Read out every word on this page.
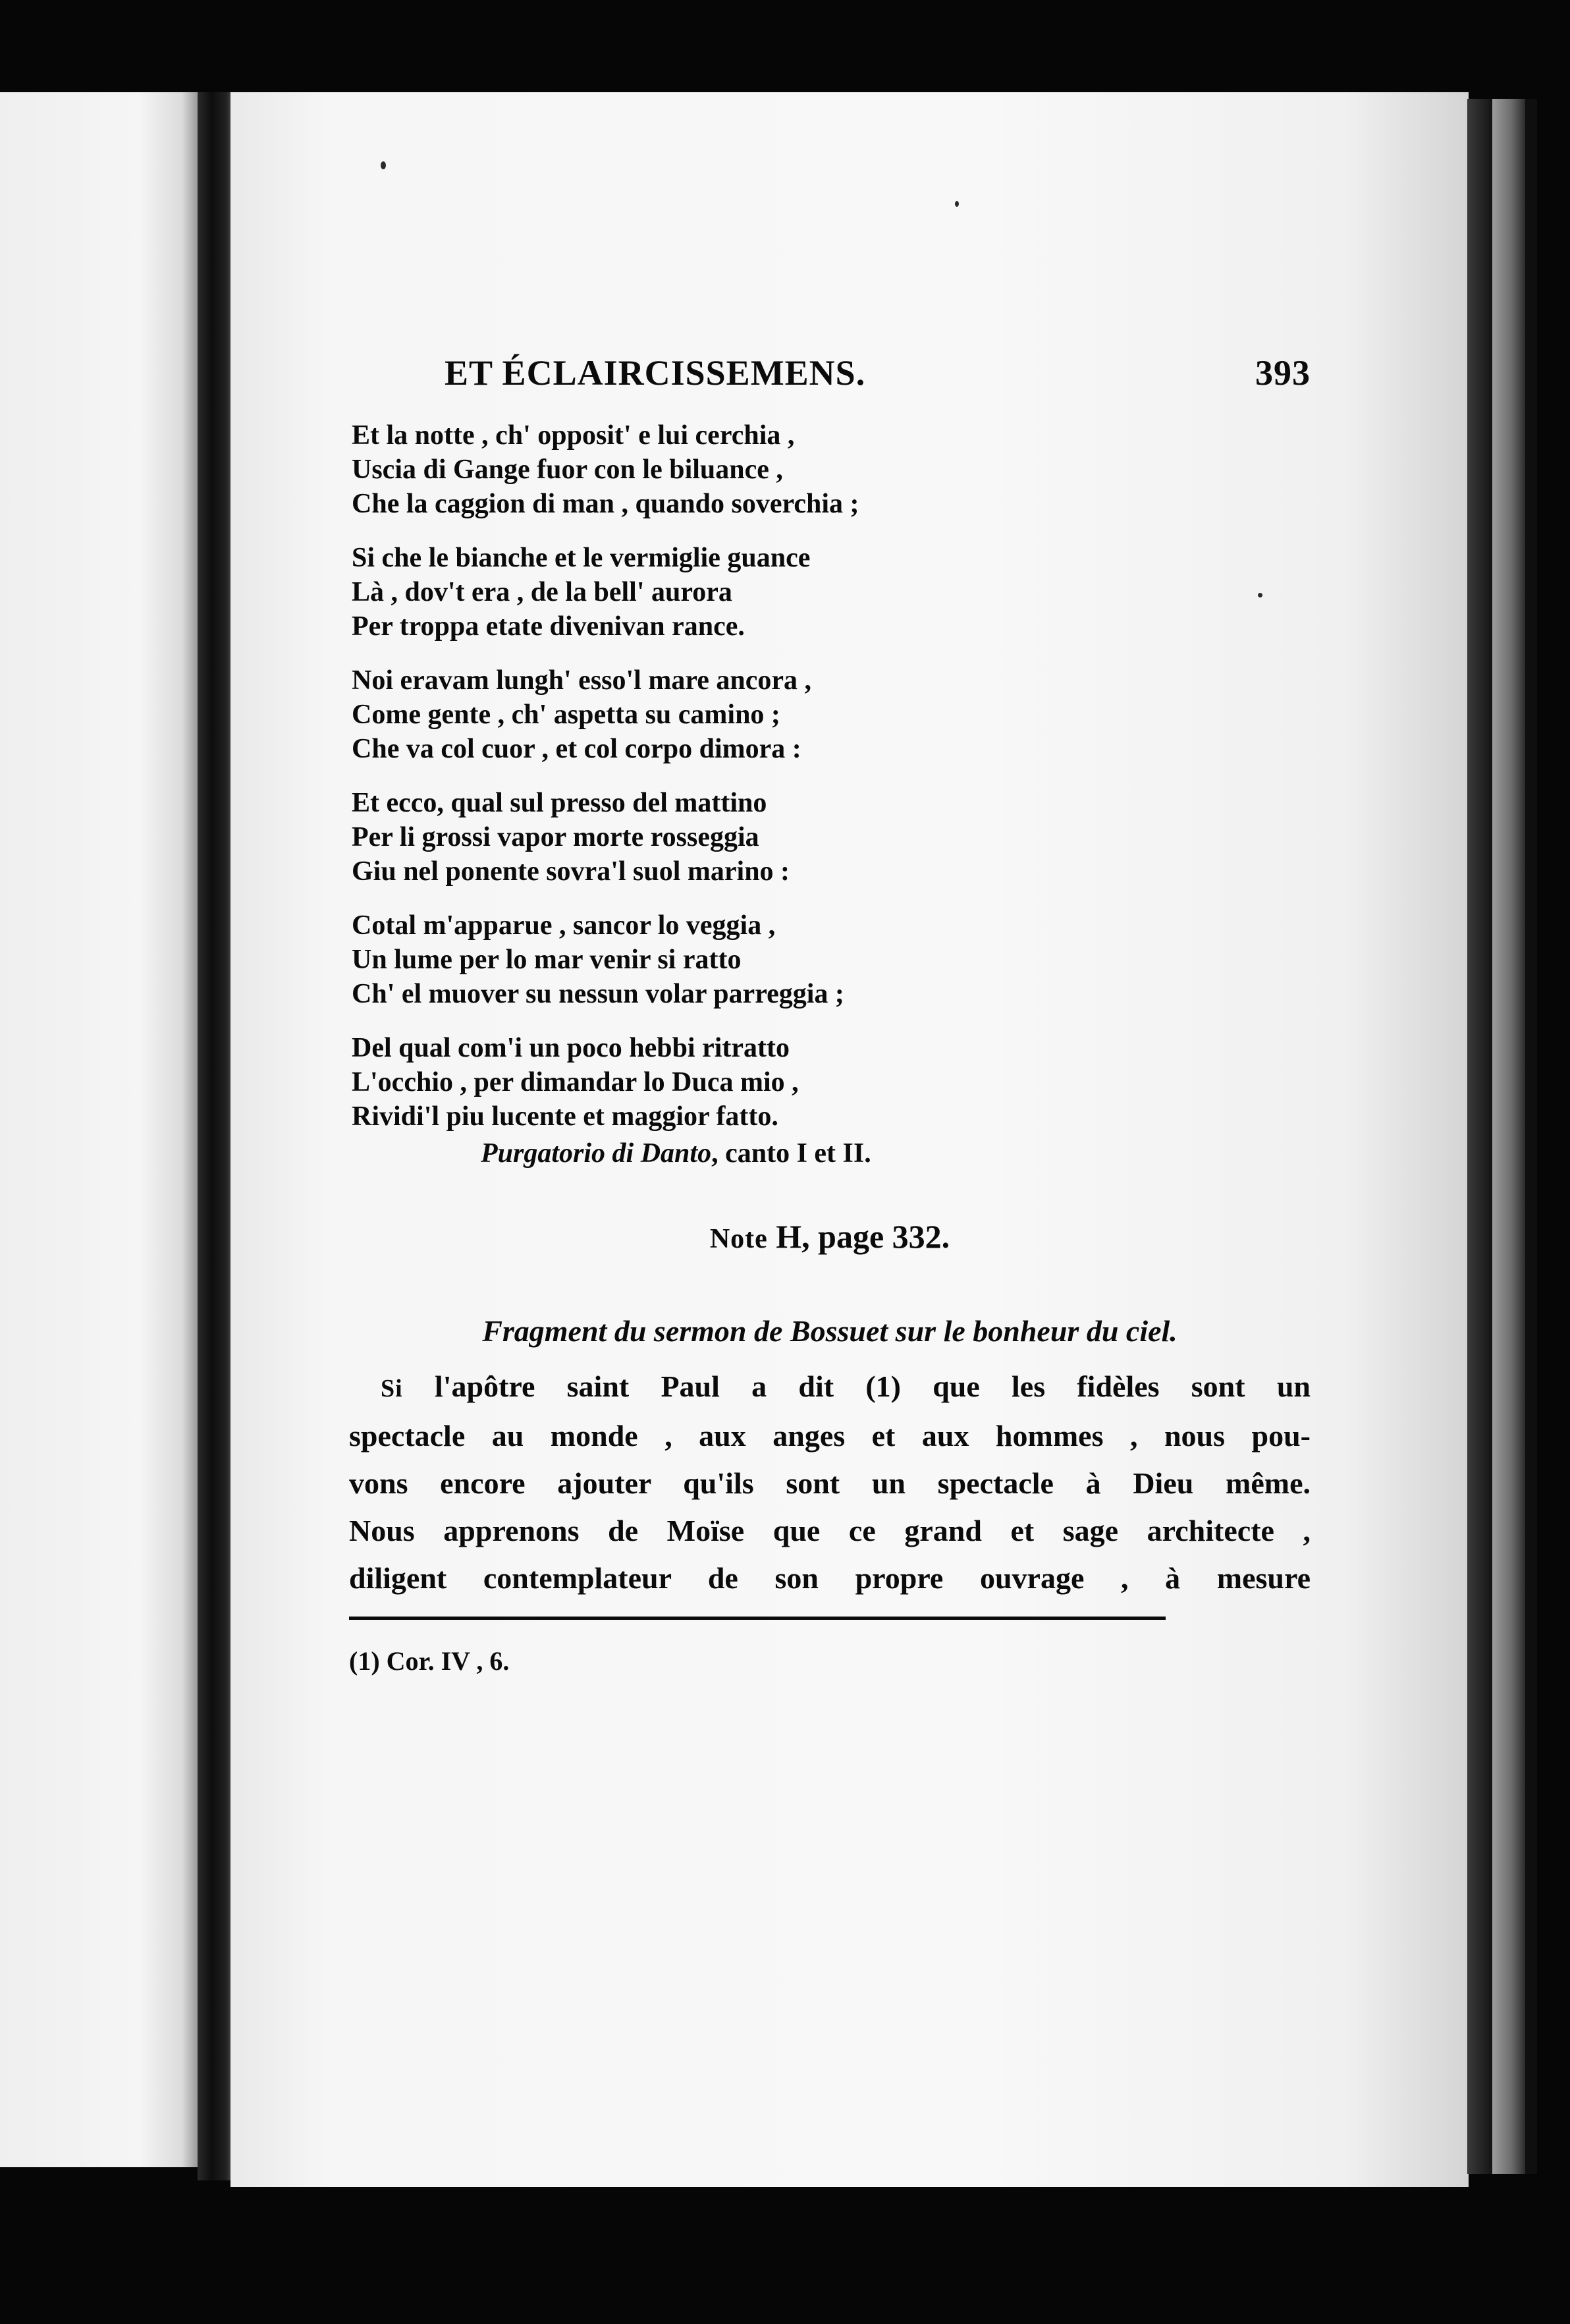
ET ÉCLAIRCISSEMENS.	393
Et la notte , ch' opposit' e lui cerchia ,
Uscia di Gange fuor con le biluance ,
Che la caggion di man , quando soverchia ;
Si che le bianche et le vermiglie guance
Là , dov't era , de la bell' aurora
Per troppa etate divenivan rance.
Noi eravam lungh' esso'l mare ancora ,
Come gente , ch' aspetta su camino ;
Che va col cuor , et col corpo dimora :
Et ecco, qual sul presso del mattino
Per li grossi vapor morte rosseggia
Giu nel ponente sovra'l suol marino :
Cotal m'apparue , sancor lo veggia ,
Un lume per lo mar venir si ratto
Ch' el muover su nessun volar parreggia ;
Del qual com'i un poco hebbi ritratto
L'occhio , per dimandar lo Duca mio ,
Rividi'l piu lucente et maggior fatto.
Purgatorio di Danto, canto I et II.
Note H, page 332.
Fragment du sermon de Bossuet sur le bonheur du ciel.
Si l'apôtre saint Paul a dit (1) que les fidèles sont un
spectacle au monde , aux anges et aux hommes , nous pou-
vons encore ajouter qu'ils sont un spectacle à Dieu même.
Nous apprenons de Moïse que ce grand et sage architecte ,
diligent contemplateur de son propre ouvrage , à mesure
(1) Cor. IV , 6.
